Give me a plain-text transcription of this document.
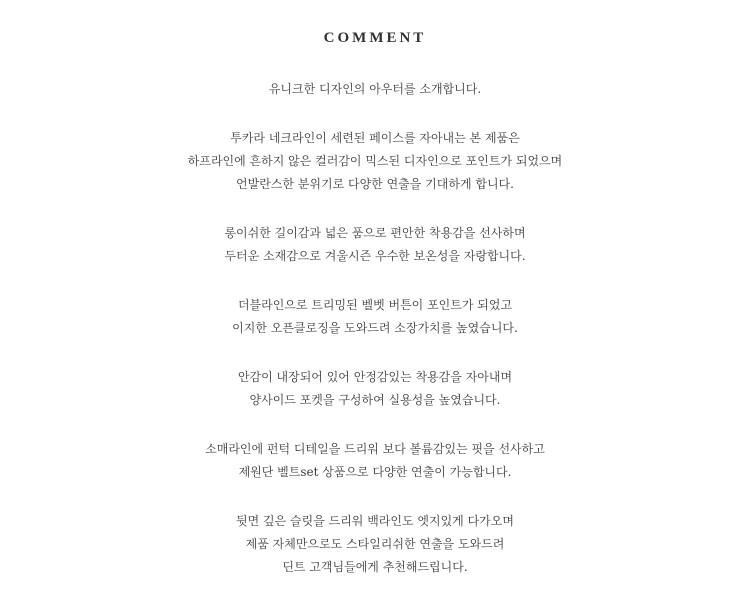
COMMENT
유니크한 디자인의 아우터를 소개합니다.
투카라 네크라인이 세련된 페이스를 자아내는 본 제품은
하프라인에 흔하지 않은 컬러감이 믹스된 디자인으로 포인트가 되었으며
언발란스한 분위기로 다양한 연출을 기대하게 합니다.
롱이쉬한 길이감과 넓은 품으로 편안한 착용감을 선사하며
두터운 소재감으로 겨울시즌 우수한 보온성을 자랑합니다.
더블라인으로 트리밍된 벨벳 버튼이 포인트가 되었고
이지한 오픈클로징을 도와드려 소장가치를 높였습니다.
안감이 내장되어 있어 안정감있는 착용감을 자아내며
양사이드 포켓을 구성하여 실용성을 높였습니다.
소매라인에 펀턱 디테일을 드리워 보다 볼륨감있는 핏을 선사하고
제원단 벨트set 상품으로 다양한 연출이 가능합니다.
뒷면 깊은 슬릿을 드리워 백라인도 엣지있게 다가오며
제품 자체만으로도 스타일리쉬한 연출을 도와드려
딘트 고객님들에게 추천해드립니다.
